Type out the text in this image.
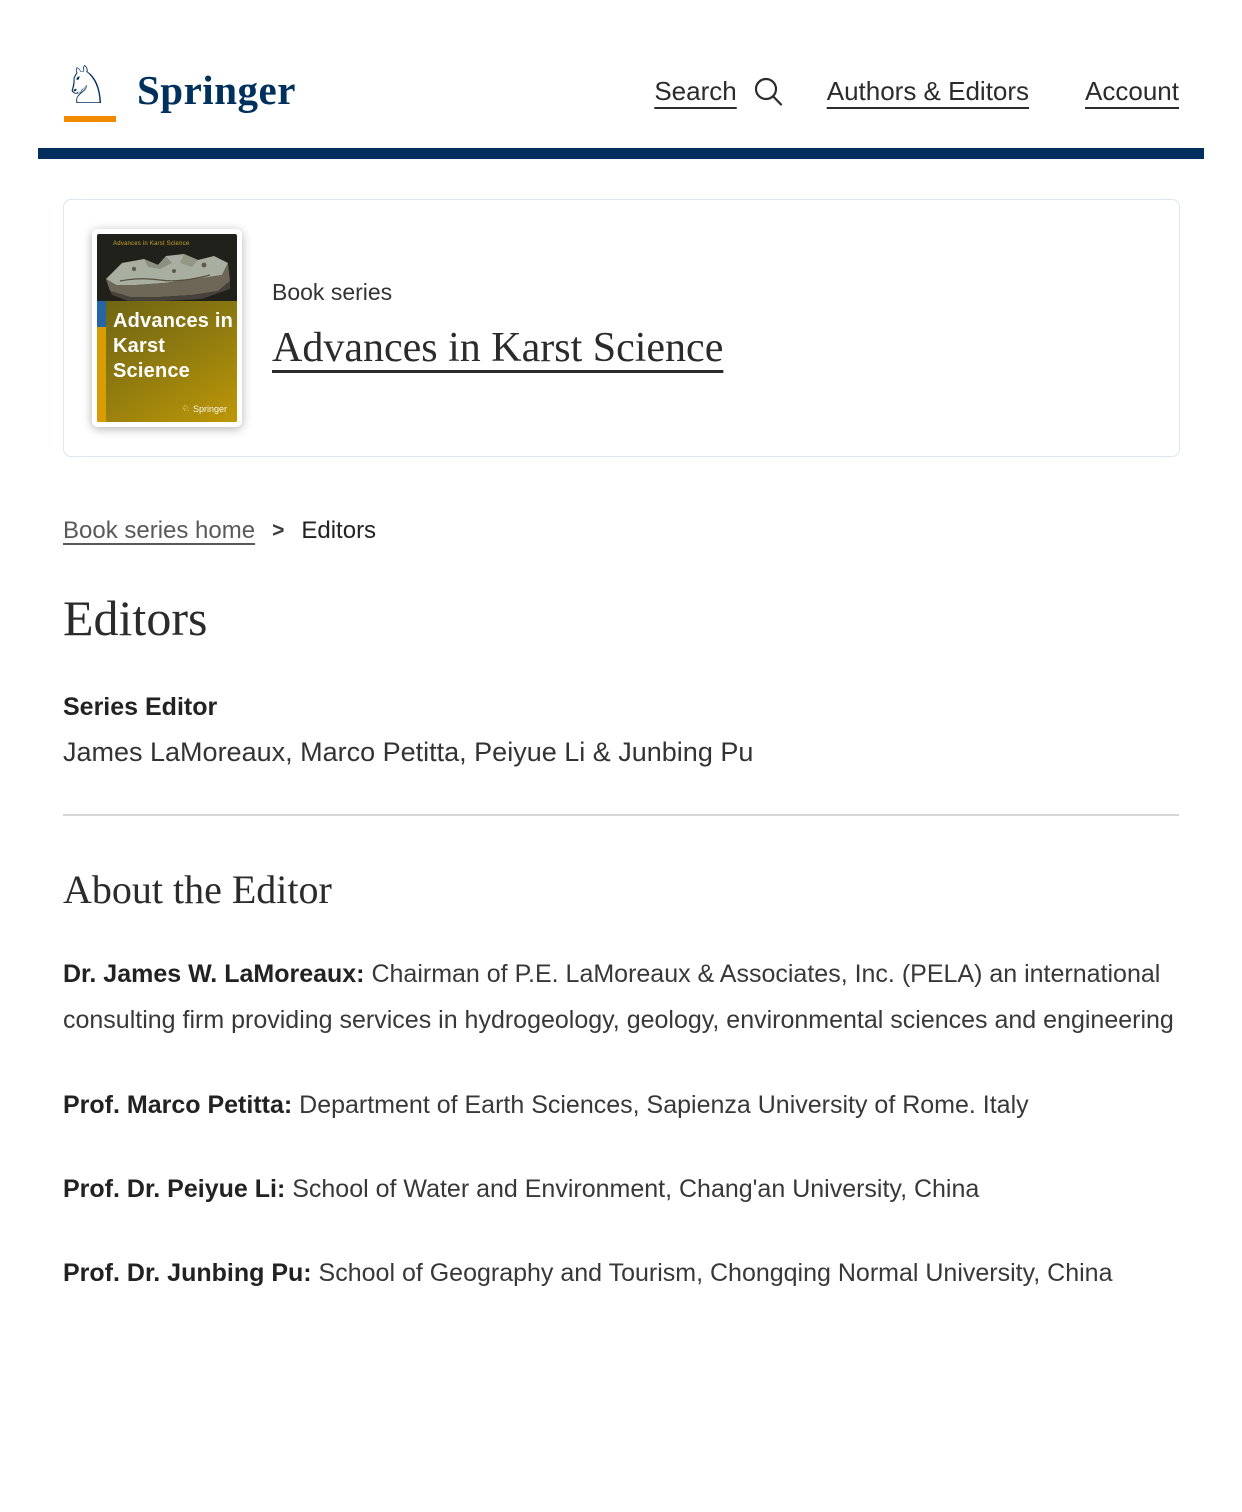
♘ Springer	Search	Authors & Editors Account
Advances in Karst Science
Advances in
Karst Science
♘ Springer
Book series
Advances in Karst Science
Book series home > Editors
Editors
Series Editor

James LaMoreaux, Marco Petitta, Peiyue Li & Junbing Pu

About the Editor

Dr. James W. LaMoreaux: Chairman of P.E. LaMoreaux & Associates, Inc. (PELA) an international consulting firm providing services in hydrogeology, geology, environmental sciences and engineering

Prof. Marco Petitta: Department of Earth Sciences, Sapienza University of Rome. Italy

Prof. Dr. Peiyue Li: School of Water and Environment, Chang'an University, China

Prof. Dr. Junbing Pu: School of Geography and Tourism, Chongqing Normal University, China
